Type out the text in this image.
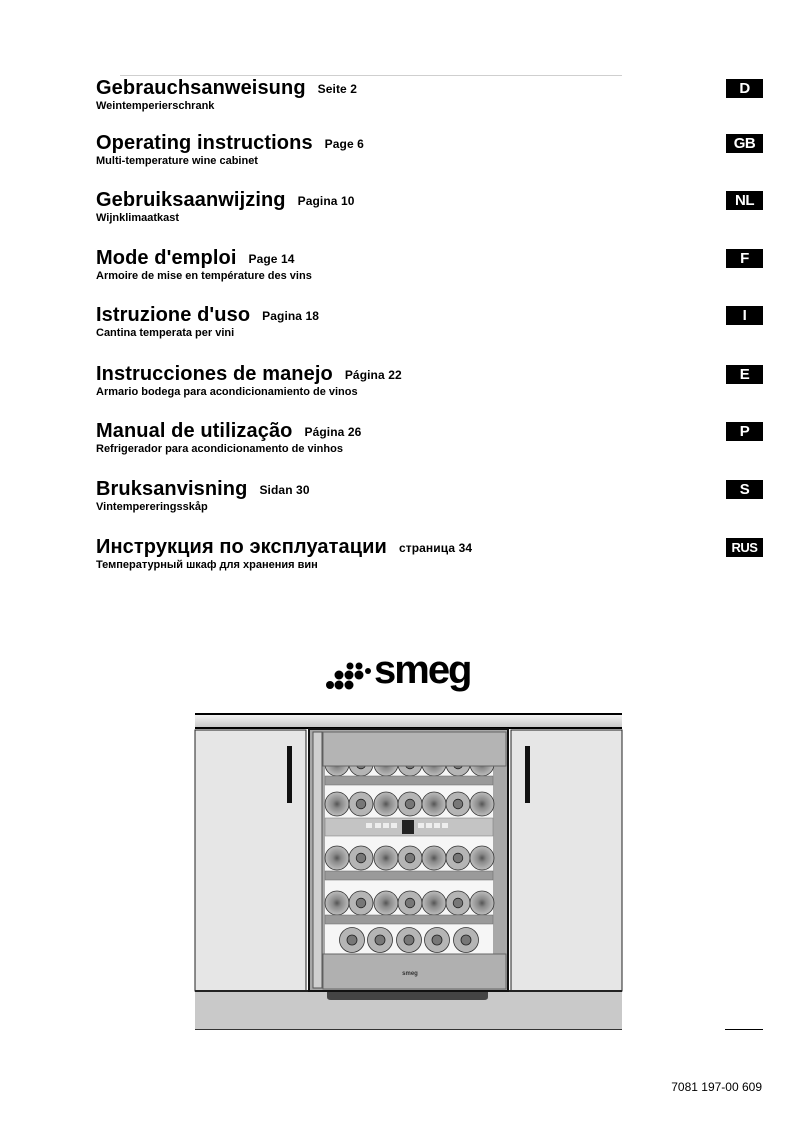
Gebrauchsanweisung Seite 2
Weintemperierschrank
Operating instructions Page 6
Multi-temperature wine cabinet
Gebruiksaanwijzing Pagina 10
Wijnklimaatkast
Mode d'emploi Page 14
Armoire de mise en température des vins
Istruzione d'uso Pagina 18
Cantina temperata per vini
Instrucciones de manejo Página 22
Armario bodega para acondicionamiento de vinos
Manual de utilização Página 26
Refrigerador para acondicionamento de vinhos
Bruksanvisning Sidan 30
Vintempereringsskåp
Инструкция по эксплуатации страница 34
Температурный шкаф для хранения вин
smeg
smeg
7081 197-00 609
D
GB
NL
F
I
E
P
S
RUS
